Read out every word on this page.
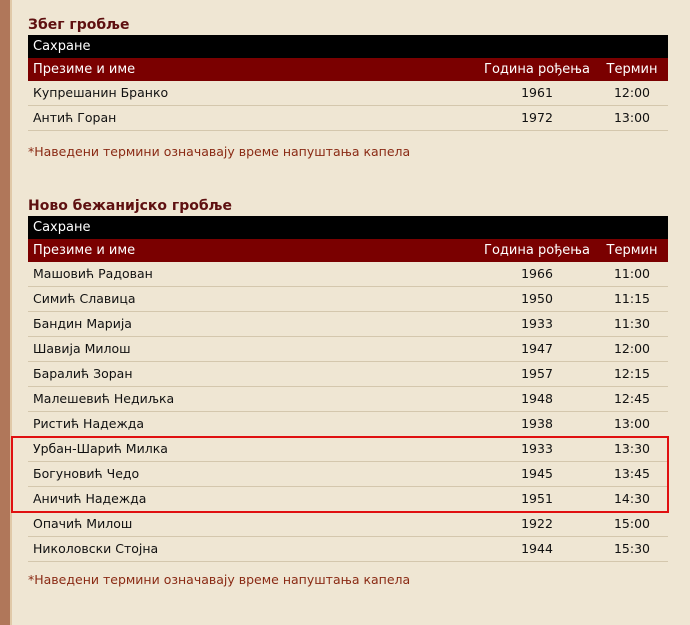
Збег гробље
Сахране
Презиме и име	Година рођења	Термин
Купрешанин Бранко	1961	12:00
Антић Горан	1972	13:00
*Наведени термини означавају време напуштања капела
Ново бежанијско гробље
Сахране
Презиме и име	Година рођења	Термин
Машовић Радован	1966	11:00
Симић Славица	1950	11:15
Бандин Марија	1933	11:30
Шавија Милош	1947	12:00
Баралић Зоран	1957	12:15
Малешевић Недиљка	1948	12:45
Ристић Надежда	1938	13:00
Урбан-Шарић Милка	1933	13:30
Богуновић Чедо	1945	13:45
Аничић Надежда	1951	14:30
Опачић Милош	1922	15:00
Николовски Стојна	1944	15:30
*Наведени термини означавају време напуштања капела
